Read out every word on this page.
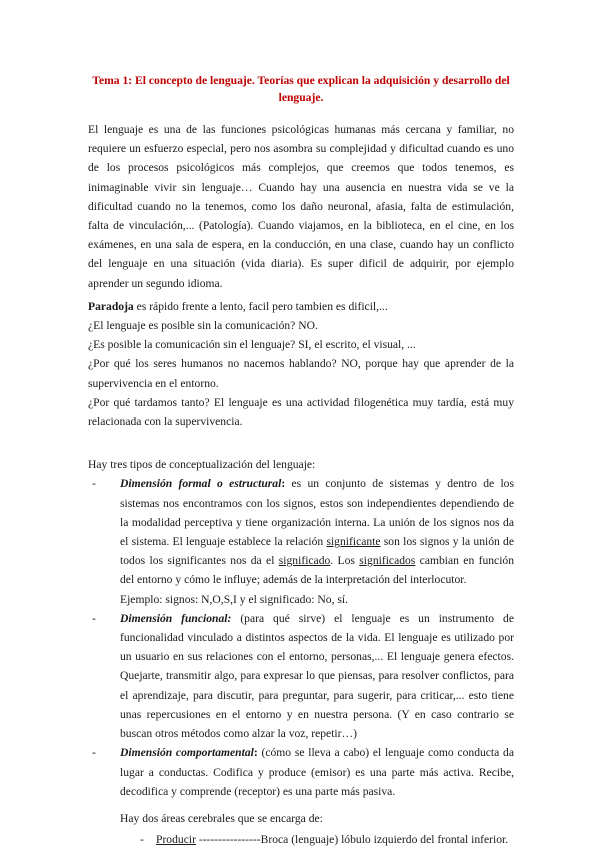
Tema 1: El concepto de lenguaje. Teorías que explican la adquisición y desarrollo del lenguaje.

El lenguaje es una de las funciones psicológicas humanas más cercana y familiar, no requiere un esfuerzo especial, pero nos asombra su complejidad y dificultad cuando es uno de los procesos psicológicos más complejos, que creemos que todos tenemos, es inimaginable vivir sin lenguaje… Cuando hay una ausencia en nuestra vida se ve la dificultad cuando no la tenemos, como los daño neuronal, afasia, falta de estimulación, falta de vinculación,... (Patología). Cuando viajamos, en la biblioteca, en el cine, en los exámenes, en una sala de espera, en la conducción, en una clase, cuando hay un conflicto del lenguaje en una situación (vida diaria). Es super dificil de adquirir, por ejemplo aprender un segundo idioma.

Paradoja es rápido frente a lento, facil pero tambien es dificil,...

¿El lenguaje es posible sin la comunicación? NO.

¿Es posible la comunicación sin el lenguaje? SI, el escrito, el visual, ...

¿Por qué los seres humanos no nacemos hablando? NO, porque hay que aprender de la supervivencia en el entorno.

¿Por qué tardamos tanto? El lenguaje es una actividad filogenética muy tardía, está muy relacionada con la supervivencia.

Hay tres tipos de conceptualización del lenguaje:

- Dimensión formal o estructural: es un conjunto de sistemas y dentro de los sistemas nos encontramos con los signos, estos son independientes dependiendo de la modalidad perceptiva y tiene organización interna. La unión de los signos nos da el sistema. El lenguaje establece la relación significante son los signos y la unión de todos los significantes nos da el significado. Los significados cambian en función del entorno y cómo le influye; además de la interpretación del interlocutor.

Ejemplo: signos: N,O,S,I y el significado: No, sí.

- Dimensión funcional: (para qué sirve) el lenguaje es un instrumento de funcionalidad vinculado a distintos aspectos de la vida. El lenguaje es utilizado por un usuario en sus relaciones con el entorno, personas,... El lenguaje genera efectos. Quejarte, transmitir algo, para expresar lo que piensas, para resolver conflictos, para el aprendizaje, para discutir, para preguntar, para sugerir, para criticar,... esto tiene unas repercusiones en el entorno y en nuestra persona. (Y en caso contrario se buscan otros métodos como alzar la voz, repetir…)

- Dimensión comportamental: (cómo se lleva a cabo) el lenguaje como conducta da lugar a conductas. Codifica y produce (emisor) es una parte más activa. Recibe, decodifica y comprende (receptor) es una parte más pasiva.

Hay dos áreas cerebrales que se encarga de:

- Producir ----------------Broca (lenguaje) lóbulo izquierdo del frontal inferior.
